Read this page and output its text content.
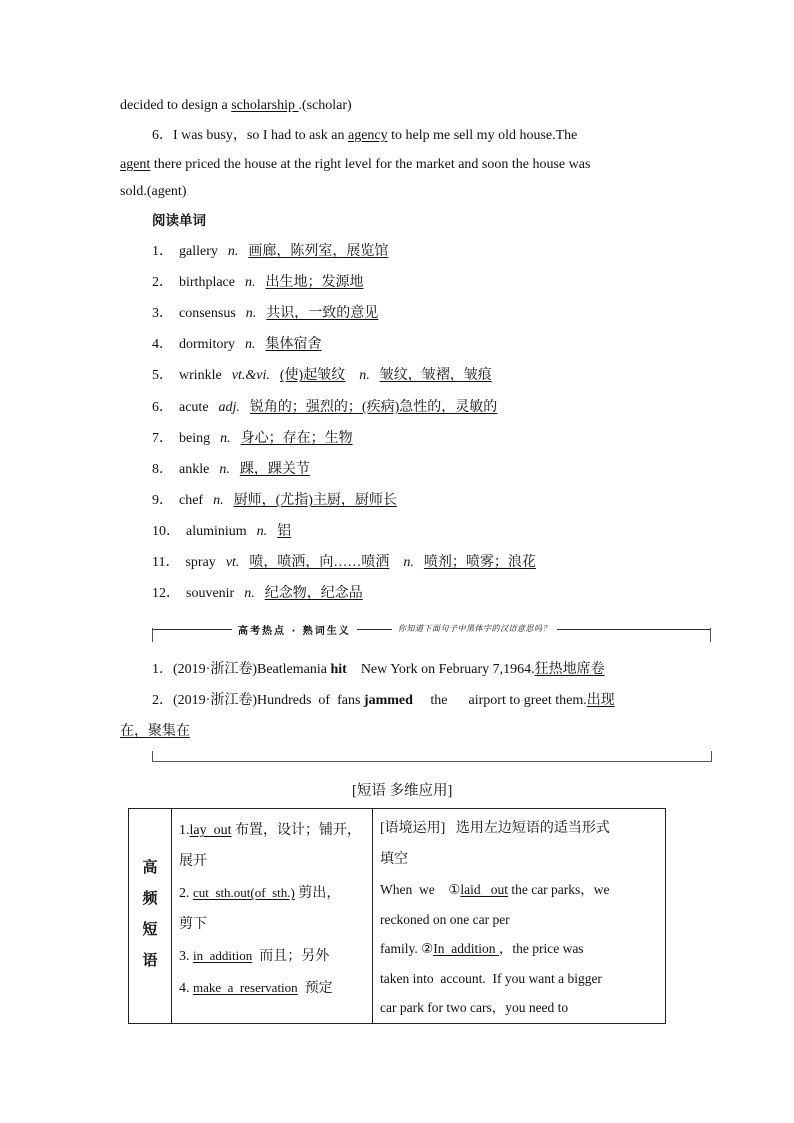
decided to design a scholarship .(scholar)
6．I was busy，so I had to ask an agency to help me sell my old house.The
agent there priced the house at the right level for the market and soon the house was
sold.(agent)
阅读单词
1． gallery n. 画廊，陈列室，展览馆
2． birthplace n. 出生地；发源地
3． consensus n. 共识，一致的意见
4． dormitory n. 集体宿舍
5． wrinkle vt.&vi. (使)起皱纹 n. 皱纹，皱褶，皱痕
6． acute adj. 锐角的；强烈的；(疾病)急性的，灵敏的
7． being n. 身心；存在；生物
8． ankle n. 踝，踝关节
9． chef n. 厨师，(尤指)主厨，厨师长
10． aluminium n. 铝
11． spray vt. 喷，喷洒，向……喷洒 n. 喷剂；喷雾；浪花
12． souvenir n. 纪念物，纪念品
高考热点 · 熟词生义	你知道下面句子中黑体字的汉语意思吗？
1．(2019·浙江卷)Beatlemania hit    New York on February 7,1964.狂热地席卷
2．(2019·浙江卷)Hundreds  of  fans jammed     the      airport to greet them.出现
在，聚集在
[短语 多维应用]
高
频
短
语

1.lay  out 布置，设计；铺开，
展开
2. cut  sth.out(of  sth.) 剪出，
剪下
3. in  addition  而且；另外
4. make  a  reservation  预定

[语境运用]   选用左边短语的适当形式
填空
When  we    ①laid   out the car parks，we
reckoned on one car per
family. ②In  addition ，the price was
taken into  account.  If you want a bigger
car park for two cars，you need to
